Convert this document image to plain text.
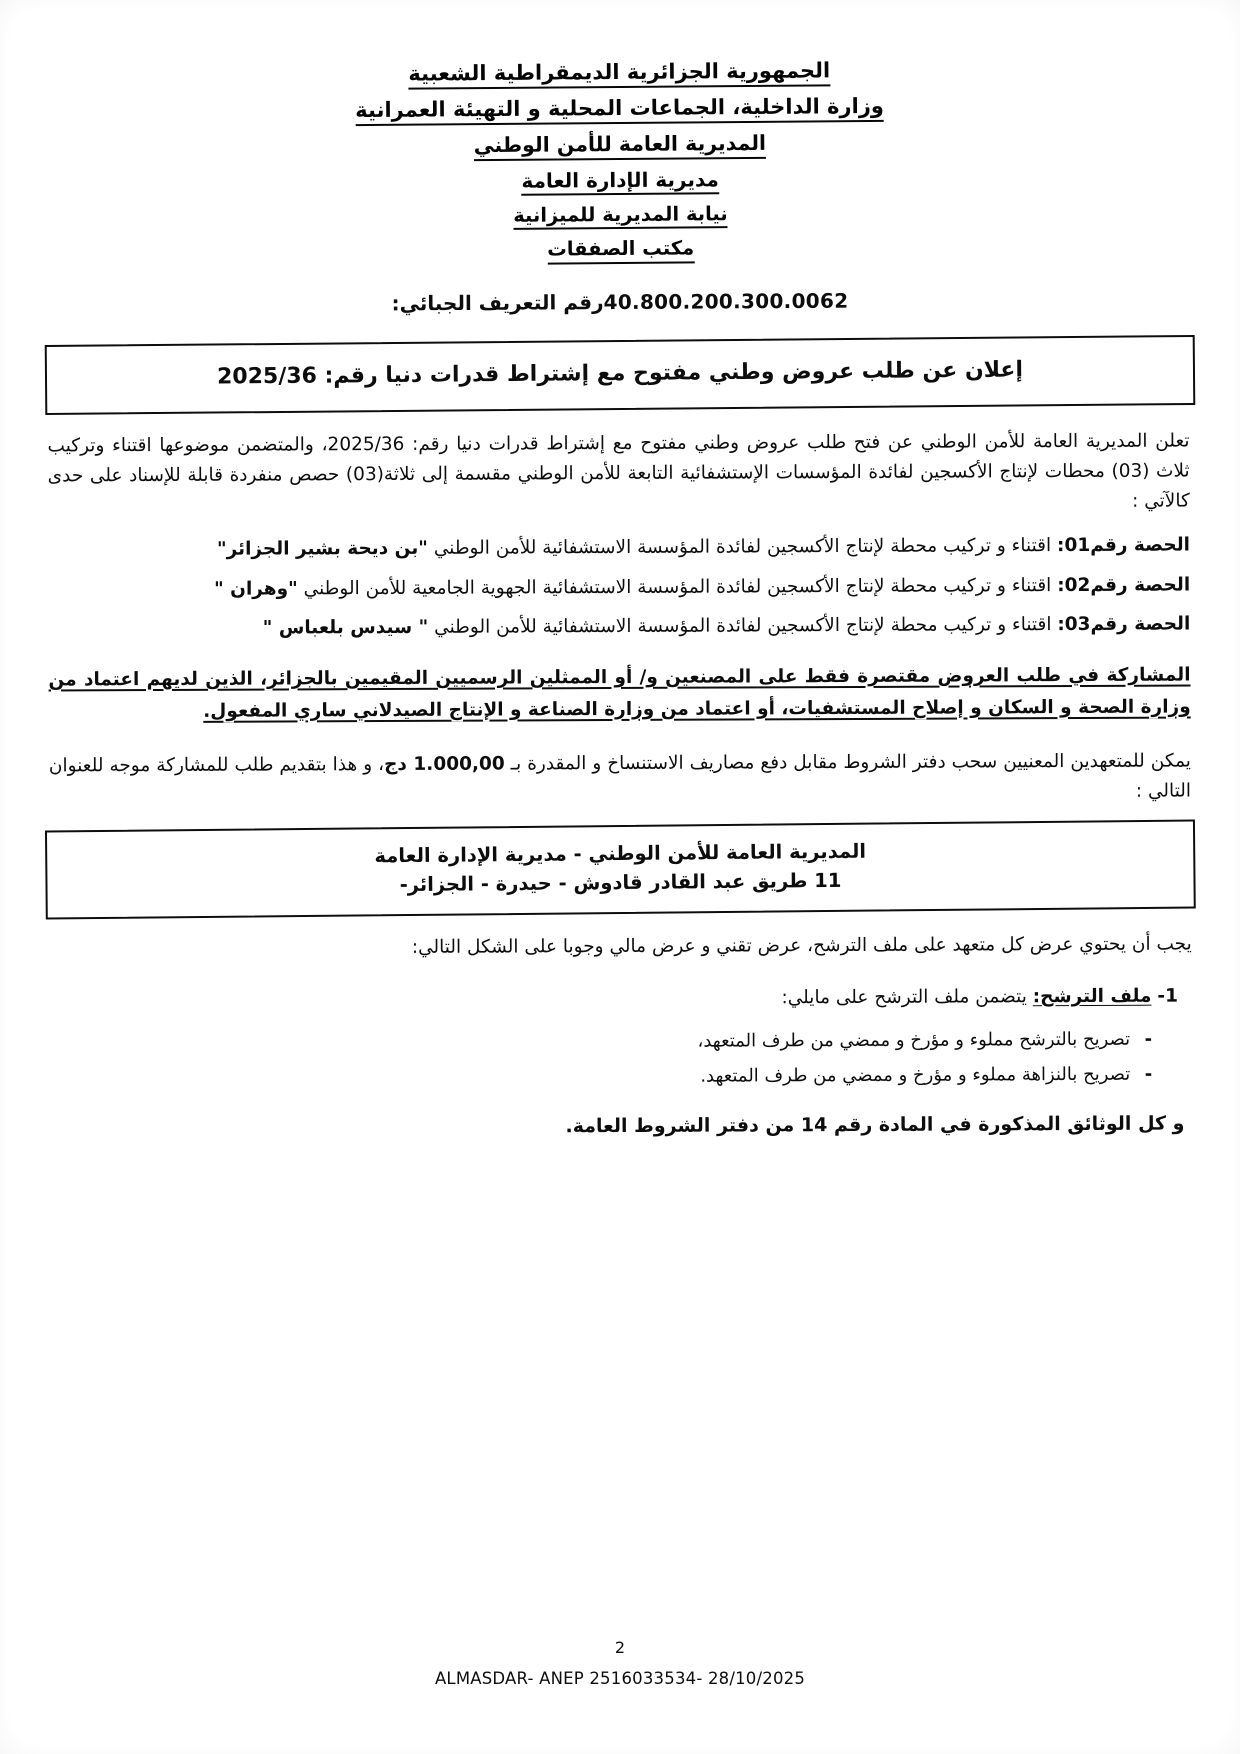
الجمهورية الجزائرية الديمقراطية الشعبية
وزارة الداخلية، الجماعات المحلية و التهيئة العمرانية
المديرية العامة للأمن الوطني
مديرية الإدارة العامة
نيابة المديرية للميزانية
مكتب الصفقات
40.800.200.300.0062رقم التعريف الجبائي:
إعلان عن طلب عروض وطني مفتوح مع إشتراط قدرات دنيا رقم: 2025/36

تعلن المديرية العامة للأمن الوطني عن فتح طلب عروض وطني مفتوح مع إشتراط قدرات دنيا رقم: 2025/36، والمتضمن موضوعها اقتناء وتركيب ثلاث (03) محطات لإنتاج الأكسجين لفائدة المؤسسات الإستشفائية التابعة للأمن الوطني مقسمة إلى ثلاثة(03) حصص منفردة قابلة للإسناد على حدى كالآتي :

الحصة رقم01: اقتناء و تركيب محطة لإنتاج الأكسجين لفائدة المؤسسة الاستشفائية للأمن الوطني "بن ديحة بشير الجزائر"
الحصة رقم02: اقتناء و تركيب محطة لإنتاج الأكسجين لفائدة المؤسسة الاستشفائية الجهوية الجامعية للأمن الوطني "وهران "
الحصة رقم03: اقتناء و تركيب محطة لإنتاج الأكسجين لفائدة المؤسسة الاستشفائية للأمن الوطني " سيدس بلعباس "

المشاركة في طلب العروض مقتصرة فقط على المصنعين و/ أو الممثلين الرسميين المقيمين بالجزائر، الذين لديهم اعتماد من وزارة الصحة و السكان و إصلاح المستشفيات، أو اعتماد من وزارة الصناعة و الإنتاج الصيدلاني ساري المفعول.

يمكن للمتعهدين المعنيين سحب دفتر الشروط مقابل دفع مصاريف الاستنساخ و المقدرة بـ 1.000,00 دج، و هذا بتقديم طلب للمشاركة موجه للعنوان التالي :

المديرية العامة للأمن الوطني - مديرية الإدارة العامة
11 طريق عبد القادر قادوش - حيدرة - الجزائر-

يجب أن يحتوي عرض كل متعهد على ملف الترشح، عرض تقني و عرض مالي وجوبا على الشكل التالي:

1- ملف الترشح: يتضمن ملف الترشح على مايلي:
- تصريح بالترشح مملوء و مؤرخ و ممضي من طرف المتعهد،
- تصريح بالنزاهة مملوء و مؤرخ و ممضي من طرف المتعهد.

و كل الوثائق المذكورة في المادة رقم 14 من دفتر الشروط العامة.

2
ALMASDAR- ANEP 2516033534- 28/10/2025
